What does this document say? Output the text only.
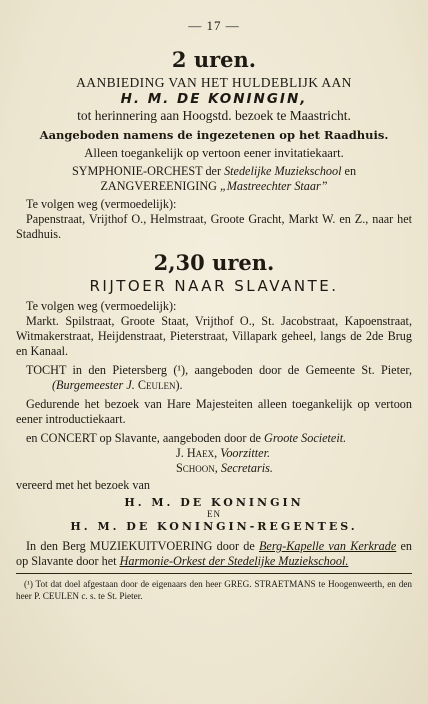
— 17 —

2 uren.

AANBIEDING VAN HET HULDEBLIJK AAN

H. M. DE KONINGIN,

tot herinnering aan Hoogstd. bezoek te Maastricht.

Aangeboden namens de ingezetenen op het Raadhuis.

Alleen toegankelijk op vertoon eener invitatiekaart.

SYMPHONIE-ORCHEST der Stedelijke Muziekschool en

ZANGVEREENIGING „Mastreechter Staar”

Te volgen weg (vermoedelijk):

Papenstraat, Vrijthof O., Helmstraat, Groote Gracht, Markt W. en Z., naar het Stadhuis.

2,30 uren.

RIJTOER NAAR SLAVANTE.

Te volgen weg (vermoedelijk):

Markt. Spilstraat, Groote Staat, Vrijthof O., St. Jacobstraat, Kapoenstraat, Witmakerstraat, Heijdenstraat, Pieterstraat, Villapark geheel, langs de 2de Brug en Kanaal.

TOCHT in den Pietersberg (¹), aangeboden door de Gemeente St. Pieter, (Burgemeester J. Ceulen).

Gedurende het bezoek van Hare Majesteiten alleen toegankelijk op vertoon eener introductiekaart.

en CONCERT op Slavante, aangeboden door de Groote Societeit.

J. Haex, Voorzitter.

Schoon, Secretaris.

vereerd met het bezoek van

H. M. DE KONINGIN

EN

H. M. DE KONINGIN-REGENTES.

In den Berg MUZIEKUITVOERING door de Berg-Kapelle van Kerkrade en op Slavante door het Harmonie-Orkest der Stedelijke Muziekschool.

(¹) Tot dat doel afgestaan door de eigenaars den heer GREG. STRAETMANS te Hoogenweerth, en den heer P. CEULEN c. s. te St. Pieter.
